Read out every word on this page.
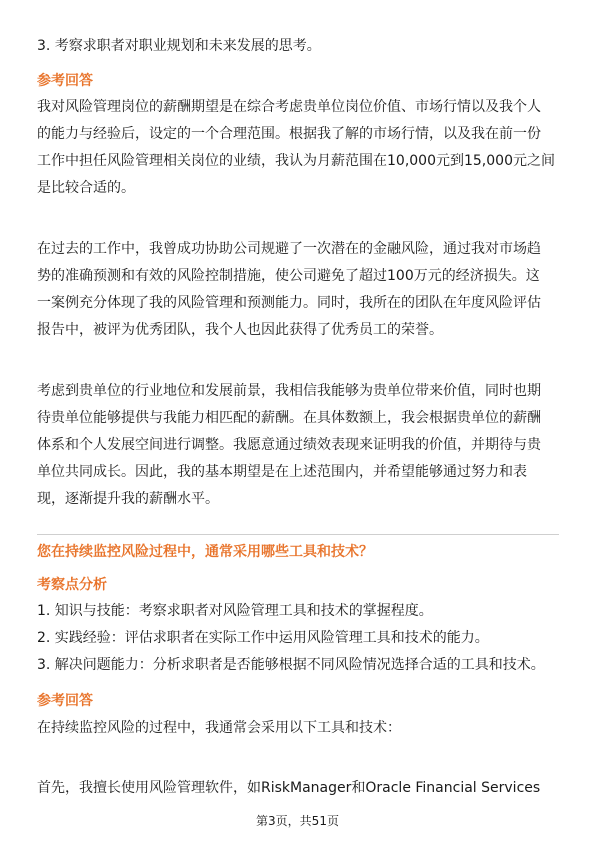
3. 考察求职者对职业规划和未来发展的思考。
参考回答
我对风险管理岗位的薪酬期望是在综合考虑贵单位岗位价值、市场行情以及我个人
的能力与经验后，设定的一个合理范围。根据我了解的市场行情，以及我在前一份
工作中担任风险管理相关岗位的业绩，我认为月薪范围在10,000元到15,000元之间
是比较合适的。
在过去的工作中，我曾成功协助公司规避了一次潜在的金融风险，通过我对市场趋
势的准确预测和有效的风险控制措施，使公司避免了超过100万元的经济损失。这
一案例充分体现了我的风险管理和预测能力。同时，我所在的团队在年度风险评估
报告中，被评为优秀团队，我个人也因此获得了优秀员工的荣誉。
考虑到贵单位的行业地位和发展前景，我相信我能够为贵单位带来价值，同时也期
待贵单位能够提供与我能力相匹配的薪酬。在具体数额上，我会根据贵单位的薪酬
体系和个人发展空间进行调整。我愿意通过绩效表现来证明我的价值，并期待与贵
单位共同成长。因此，我的基本期望是在上述范围内，并希望能够通过努力和表
现，逐渐提升我的薪酬水平。
您在持续监控风险过程中，通常采用哪些工具和技术？
考察点分析
1. 知识与技能：考察求职者对风险管理工具和技术的掌握程度。
2. 实践经验：评估求职者在实际工作中运用风险管理工具和技术的能力。
3. 解决问题能力：分析求职者是否能够根据不同风险情况选择合适的工具和技术。
参考回答
在持续监控风险的过程中，我通常会采用以下工具和技术：
首先，我擅长使用风险管理软件，如RiskManager和Oracle Financial Services
第3页，共51页
